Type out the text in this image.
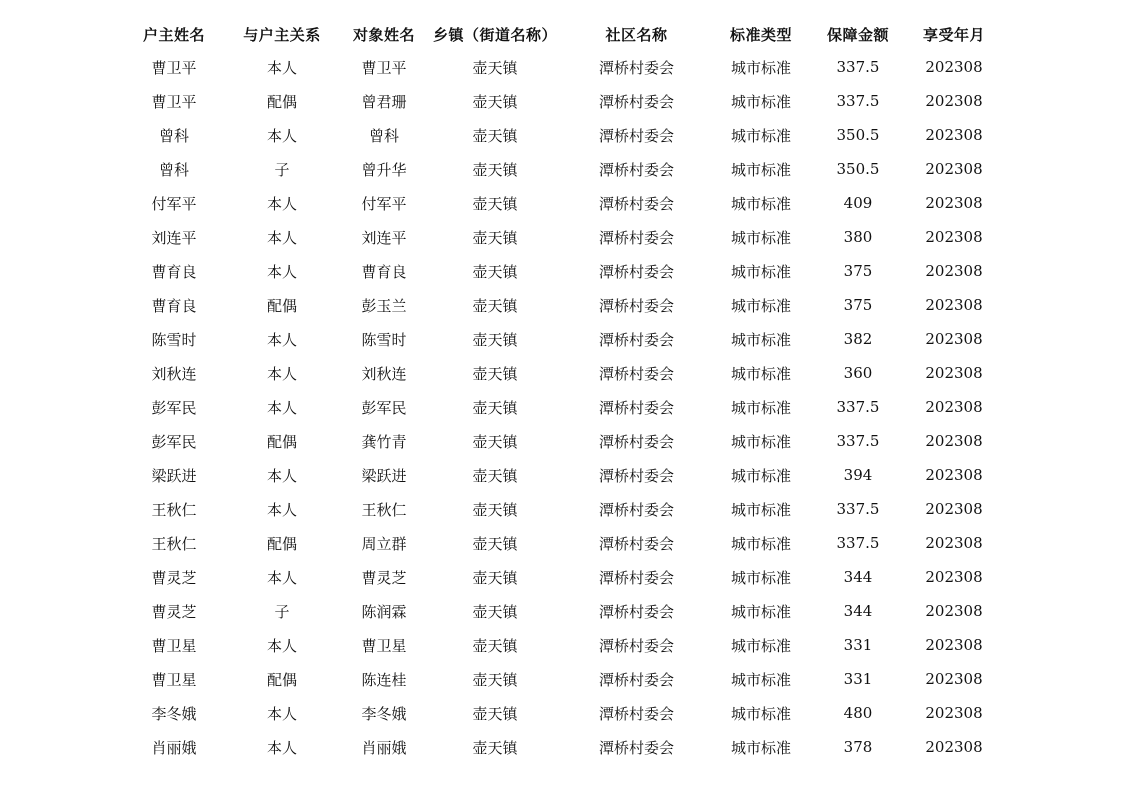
户主姓名	与户主关系	对象姓名	乡镇（街道名称）	社区名称	标准类型	保障金额	享受年月
曹卫平	本人	曹卫平	壶天镇	潭桥村委会	城市标准	337.5	202308
曹卫平	配偶	曾君珊	壶天镇	潭桥村委会	城市标准	337.5	202308
曾科	本人	曾科	壶天镇	潭桥村委会	城市标准	350.5	202308
曾科	子	曾升华	壶天镇	潭桥村委会	城市标准	350.5	202308
付军平	本人	付军平	壶天镇	潭桥村委会	城市标准	409	202308
刘连平	本人	刘连平	壶天镇	潭桥村委会	城市标准	380	202308
曹育良	本人	曹育良	壶天镇	潭桥村委会	城市标准	375	202308
曹育良	配偶	彭玉兰	壶天镇	潭桥村委会	城市标准	375	202308
陈雪时	本人	陈雪时	壶天镇	潭桥村委会	城市标准	382	202308
刘秋连	本人	刘秋连	壶天镇	潭桥村委会	城市标准	360	202308
彭军民	本人	彭军民	壶天镇	潭桥村委会	城市标准	337.5	202308
彭军民	配偶	龚竹青	壶天镇	潭桥村委会	城市标准	337.5	202308
梁跃进	本人	梁跃进	壶天镇	潭桥村委会	城市标准	394	202308
王秋仁	本人	王秋仁	壶天镇	潭桥村委会	城市标准	337.5	202308
王秋仁	配偶	周立群	壶天镇	潭桥村委会	城市标准	337.5	202308
曹灵芝	本人	曹灵芝	壶天镇	潭桥村委会	城市标准	344	202308
曹灵芝	子	陈润霖	壶天镇	潭桥村委会	城市标准	344	202308
曹卫星	本人	曹卫星	壶天镇	潭桥村委会	城市标准	331	202308
曹卫星	配偶	陈连桂	壶天镇	潭桥村委会	城市标准	331	202308
李冬娥	本人	李冬娥	壶天镇	潭桥村委会	城市标准	480	202308
肖丽娥	本人	肖丽娥	壶天镇	潭桥村委会	城市标准	378	202308
